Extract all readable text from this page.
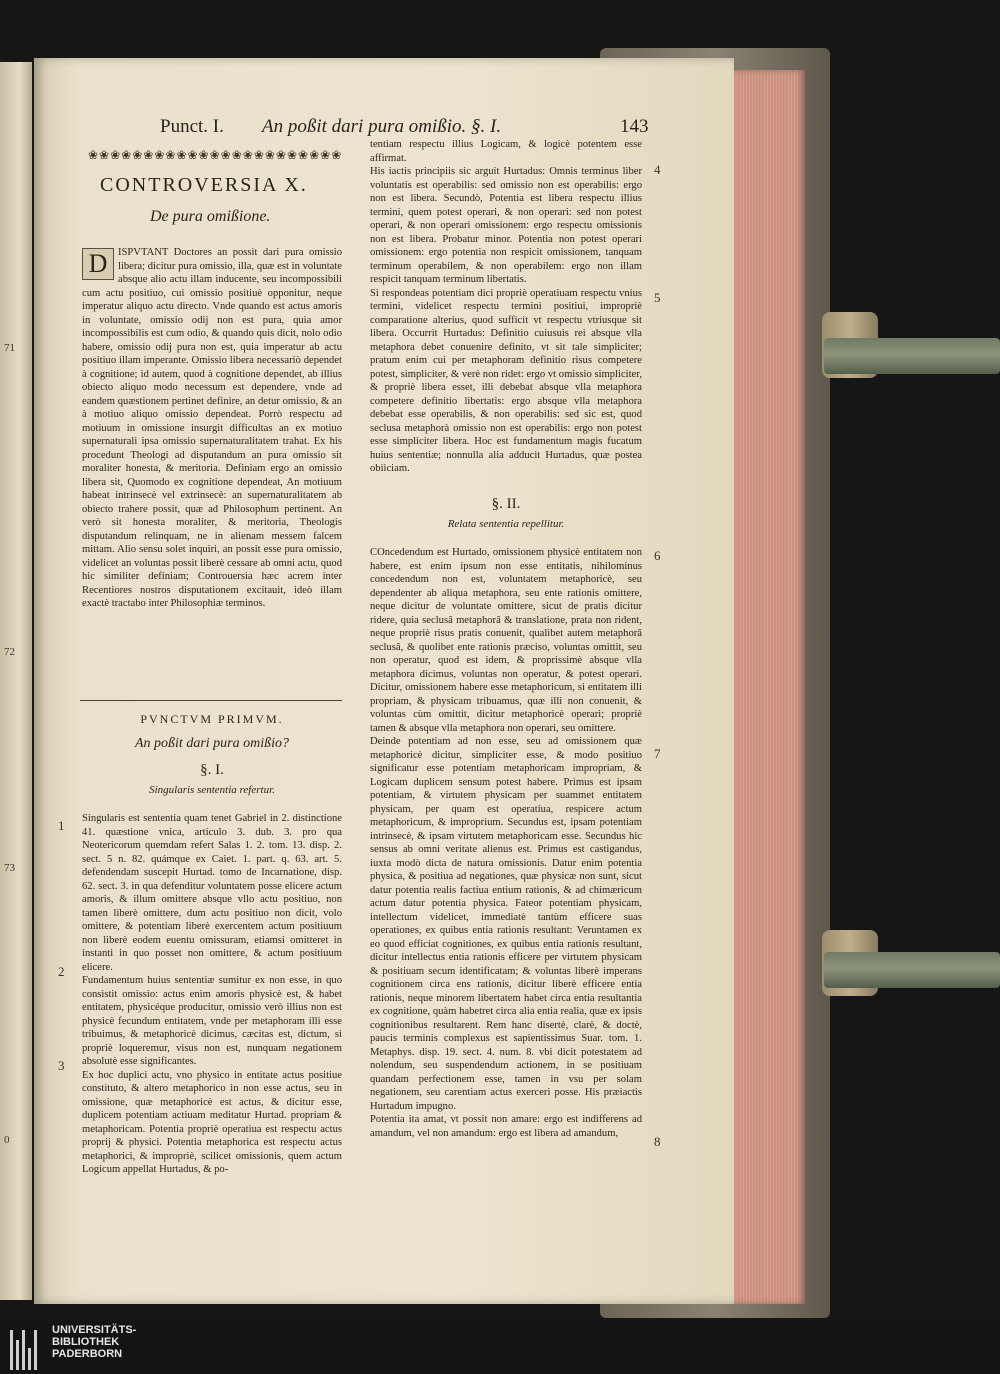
71
72
73
0
Punct. I. An poßit dari pura omißio. §. I.	143
❀❀❀❀❀❀❀❀❀❀❀❀❀❀❀❀❀❀❀❀❀❀❀
CONTROVERSIA X.
De pura omißione.

D	ISPVTANT Doctores an possit dari pura omissio libera; dicitur pura omissio, illa, quæ est in voluntate absque alio actu illam inducente, seu incompossibili cum actu positiuo, cui omissio positiuè opponitur, neque imperatur aliquo actu directo. Vnde quando est actus amoris in voluntate, omissio odij non est pura, quia amor incompossibilis est cum odio, & quando quis dicit, nolo odio habere, omissio odij pura non est, quia imperatur ab actu positiuo illam imperante. Omissio libera necessariò dependet à cognitione; id autem, quod à cognitione dependet, ab illius obiecto aliquo modo necessum est dependere, vnde ad eandem quæstionem pertinet definire, an detur omissio, & an à motiuo aliquo omissio dependeat. Porrò respectu ad motiuum in omissione insurgit difficultas an ex motiuo supernaturali ipsa omissio supernaturalitatem trahat. Ex his procedunt Theologi ad disputandum an pura omissio sit moraliter honesta, & meritoria. Definiam ergo an omissio libera sit, Quomodo ex cognitione dependeat, An motiuum habeat intrinsecè vel extrinsecè: an supernaturalitatem ab obiecto trahere possit, quæ ad Philosophum pertinent. An verò sit honesta moraliter, & meritoria, Theologis disputandum relinquam, ne in alienam messem falcem mittam. Alio sensu solet inquiri, an possit esse pura omissio, videlicet an voluntas possit liberè cessare ab omni actu, quod hic similiter definiam; Controuersia hæc acrem inter Recentiores nostros disputationem excitauit, ideò illam exactè tractabo inter Philosophiæ terminos.

PVNCTVM PRIMVM.
An poßit dari pura omißio?
§. I.
Singularis sententia refertur.

Singularis est sententia quam tenet Gabriel in 2. distinctione 41. quæstione vnica, articulo 3. dub. 3. pro qua Neotericorum quemdam refert Salas 1. 2. tom. 13. disp. 2. sect. 5 n. 82. quámque ex Caiet. 1. part. q. 63. art. 5. defendendam suscepit Hurtad. tomo de Incarnatione, disp. 62. sect. 3. in qua defenditur voluntatem posse elicere actum amoris, & illum omittere absque vllo actu positiuo, non tamen liberè omittere, dum actu positiuo non dicit, volo omittere, & potentiam liberè exercentem actum positiuum non liberè eodem euentu omissuram, etiamsi omitteret in instanti in quo posset non omittere, & actum positiuum elicere.

Fundamentum huius sententiæ sumitur ex non esse, in quo consistit omissio: actus enim amoris physicè est, & habet entitatem, physicéque producitur, omissio verò illius non est physicè fecundum entitatem, vnde per metaphoram illi esse tribuimus, & metaphoricè dicimus, cæcitas est, dictum, si propriè loqueremur, visus non est, nunquam negationem absolutè esse significantes.

Ex hoc duplici actu, vno physico in entitate actus positiue constituto, & altero metaphorico in non esse actus, seu in omissione, quæ metaphoricè est actus, & dicitur esse, duplicem potentiam actiuam meditatur Hurtad. propriam & metaphoricam. Potentia propriè operatiua est respectu actus proprij & physici. Potentia metaphorica est respectu actus metaphorici, & impropriè, scilicet omissionis, quem actum Logicum appellat Hurtadus, & po-

tentiam respectu illius Logicam, & logicè potentem esse affirmat.

His iactis principiis sic arguit Hurtadus: Omnis terminus liber voluntatis est operabilis: sed omissio non est operabilis: ergo non est libera. Secundò, Potentia est libera respectu illius termini, quem potest operari, & non operari: sed non potest operari, & non operari omissionem: ergo respectu omissionis non est libera. Probatur minor. Potentia non potest operari omissionem: ergo potentia non respicit omissionem, tanquam terminum operabilem, & non operabilem: ergo non illam respicit tanquam terminum libertatis.

Si respondeas potentiam dici propriè operatiuam respectu vnius termini, videlicet respectu termini positiui, impropriè comparatione alterius, quod sufficit vt respectu vtriusque sit libera. Occurrit Hurtadus: Definitio cuiusuis rei absque vlla metaphora debet conuenire definito, vt sit tale simpliciter; pratum enim cui per metaphoram definitio risus competere potest, simpliciter, & verè non ridet: ergo vt omissio simpliciter, & propriè libera esset, illi debebat absque vlla metaphora competere definitio libertatis: ergo absque vlla metaphora debebat esse operabilis, & non operabilis: sed sic est, quod seclusa metaphorà omissio non est operabilis: ergo non potest esse simpliciter libera. Hoc est fundamentum magis fucatum huius sententiæ; nonnulla alia adducit Hurtadus, quæ postea obiiciam.

§. II.
Relata sententia repellitur.

COncedendum est Hurtado, omissionem physicè entitatem non habere, est enim ipsum non esse entitatis, nihilominus concedendum non est, voluntatem metaphoricè, seu dependenter ab aliqua metaphora, seu ente rationis omittere, neque dicitur de voluntate omittere, sicut de pratis dicitur ridere, quia seclusâ metaphorâ & translatione, prata non rident, neque propriè risus pratis conuenit, qualibet autem metaphorâ seclusâ, & quolibet ente rationis præciso, voluntas omittit, seu non operatur, quod est idem, & proprissimè absque vlla metaphora dicimus, voluntas non operatur, & potest operari. Dicitur, omissionem habere esse metaphoricum, si entitatem illi propriam, & physicam tribuamus, quæ illi non conuenit, & voluntas cùm omittit, dicitur metaphoricè operari; propriè tamen & absque vlla metaphora non operari, seu omittere.

Deinde potentiam ad non esse, seu ad omissionem quæ metaphoricè dicitur, simpliciter esse, & modo positiuo significatur esse potentiam metaphoricam impropriam, & Logicam duplicem sensum potest habere. Primus est ipsam potentiam, & virtutem physicam per suammet entitatem physicam, per quam est operatiua, respicere actum metaphoricum, & improprium. Secundus est, ipsam potentiam intrinsecè, & ipsam virtutem metaphoricam esse. Secundus hic sensus ab omni veritate alienus est. Primus est castigandus, iuxta modò dicta de natura omissionis. Datur enim potentia physica, & positiua ad negationes, quæ physicæ non sunt, sicut datur potentia realis factiua entium rationis, & ad chimæricum actum datur potentia physica. Fateor potentiam physicam, intellectum videlicet, immediatè tantùm efficere suas operationes, ex quibus entia rationis resultant: Veruntamen ex eo quod efficiat cognitiones, ex quibus entia rationis resultant, dicitur intellectus entia rationis efficere per virtutem physicam & positiuam secum identificatam; & voluntas liberè imperans cognitionem circa ens rationis, dicitur liberè efficere entia rationis, neque minorem libertatem habet circa entia resultantia ex cognitione, quàm habetret circa alia entia realia, quæ ex ipsis cognitionibus resultarent. Rem hanc disertè, clarè, & doctè, paucis terminis complexus est sapientissimus Suar. tom. 1. Metaphys. disp. 19. sect. 4. num. 8. vbi dicit potestatem ad nolendum, seu suspendendum actionem, in se positiuam quandam perfectionem esse, tamen in vsu per solam negationem, seu carentiam actus exerceri posse. His præiactis Hurtadum impugno.

Potentia ita amat, vt possit non amare: ergo est indifferens ad amandum, vel non amandum: ergo est libera ad amandum,

1
2
3
4
5
6
7
8
UNIVERSITÄTS-
BIBLIOTHEK
PADERBORN
